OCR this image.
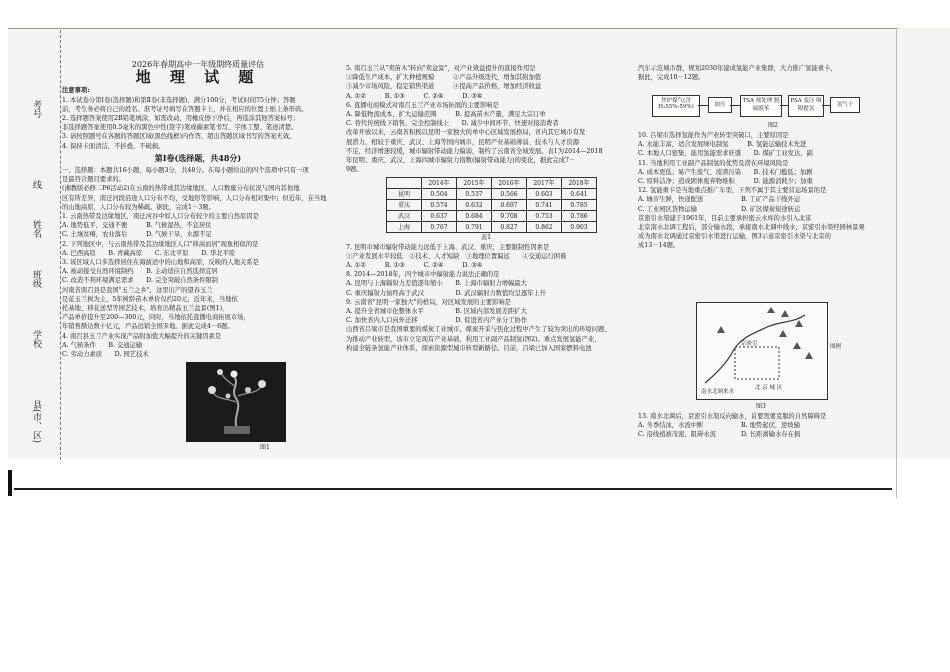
考号
线
姓名
班级
学校
县(市、区)

2026年春期高中一年级期终质量评估

地 理 试 题

注意事项:

1. 本试卷分第Ⅰ卷(选择题)和第Ⅱ卷(非选择题)，满分100分，考试时间75分钟；答题

前，考生务必将自己的姓名、准考证号填写在答题卡上，并在相应的位置上贴上条形码。

2. 选择题答案使用2B铅笔填涂，如需改动，用橡皮擦干净后，再选涂其他答案标号；

非选择题答案使用0.5毫米的黑色中性(签字)笔或碳素笔书写，字体工整、笔迹清楚。

3. 请按照题号在各题的答题区域(黑色线框)内作答，超出答题区域书写的答案无效。

4. 保持卡面清洁，不折叠，不破损。

第Ⅰ卷(选择题，共48分)

一、选择题：本题共16小题，每小题3分，共48分。在每小题给出的四个选项中只有一项

是最符合题目要求的。

(湘教版必修二P6活动2)在云南的热带或其边缘地区，人口数量分布状况与国内其他地

区有所差异，南迁河段沿途人口分布不均，受地形等影响，人口分布相对集中；但近年，在当地

的山地高原，人口分布较为稀疏。据此，完成1－3题。

1. 云南热带及边缘地区，南迁河谷中原人口分布较少的主要自然原因是

A. 地势低平，交通不便　　　B. 气候湿热，不宜居住

C. 土壤贫瘠，农业落后　　　D. 气候干旱，水源不足

2. 下列地区中，与云南热带及其边缘地区人口"移高而居"现象相似的是

A. 巴西高原　　B. 青藏高原　　C. 东北平原　　D. 华北平原

3. 该区域人口多选择居住在海拔适中的山地和高原，反映的人地关系是

A. 被动接受自然环境制约　　B. 主动适应自然选择宜居

C. 改造不利环境满足需求　　D. 完全突破自然条件限制

河南省南召县是我国"玉兰之乡"，这里出产的望春玉兰

是花玉兰树为主，5年树龄苗木单价仅约20元，近年来，当地依

托基地、移花送型等园艺技术，培育出精品玉兰盆景(图1)，

产品单价提升至200—300元，同时，当地依托直播电商拓展市场，

年销售额达数十亿元，产品远销全国多地。据此完成4－6题。

4. 南召县玉兰产业实现产品附加值大幅提升的关键因素是

A. 气候条件　　B. 交通运输

C. 劳动力素质　　D. 园艺技术

图1

5. 南召玉兰从"卖苗木"转向"卖盆景"，对产业效益提升的直接作用是

①降低生产成本，扩大种植规模　　　②产品升级迭代，增加其附加值

③减少市场风险，稳定销售渠道　　　④提高产品价格，增加经济收益

A. ①②　　　B. ①③　　　C. ②④　　　D. ③④

6. 直播电商模式对南召玉兰产业市场拓展的主要影响是

A. 降低物流成本，扩大运输范围　　　B. 提高苗木产量，满足大宗订单

C. 替代传统线下销售，完全控制线上　　D. 减少中间环节，快速对接消费者

改革开放以来，云南省积极以昆明一家独大的单中心区域发展格局，省内其它城市有发

展潜力，相较于重庆、武汉、上海等国内城市，昆明产业基础薄弱、技术与人才资源

不足，经济增速较缓，城市辐射带动能力偏弱，制约了云南省全域发展。表1为2014—2018

年昆明、重庆、武汉、上海四城市辐射力指数(辐射带动能力)的变化，据此完成7－

9题。

	2014年	2015年	2016年	2017年	2018年
昆明	0.504	0.537	0.566	0.603	0.641
重庆	0.574	0.632	0.697	0.741	0.785
武汉	0.637	0.684	0.708	0.753	0.786
上海	0.767	0.791	0.827	0.862	0.903

表1

7. 昆明市城市辐射带动能力远低于上海、武汉、重庆，主要限制性因素是

①产业发展水平较低　②技术、人才短缺　③地理位置偏远　　④交通运行困难

A. ①②　　　B. ①③　　　C. ②④　　　D. ③④

8. 2014—2018年，四个城市中辐射能力说法正确的是

A. 昆明与上海辐射力差值逐年缩小　　B. 上海市辐射力增幅最大

C. 重庆辐射力始终高于武汉　　　　　D. 武汉辐射力数值均呈逐年上升

9. 云南省"昆明一家独大"的格局，对区域发展的主要影响是

A. 提升全省城市化整体水平　　　　　B. 区域内部发展差距扩大

C. 加快省内人口向外迁移　　　　　　D. 促进省内产业分工协作

山西省吕梁市是我国重要的煤炭工业城市，煤炭开采与焦化过程中产生了较为突出的环境问题，

为推动产业转型，该市立足现有产业基础，利用工业副产品制氢(图2)。重点发展氢能产业，

构建全链条氢能产业体系，探索资源型城市转型新路径。目前，吕梁已加入国家燃料电池

汽车示范城市群，规划2030年建成氢能产业集群，大力推广氢能重卡，

据此，完成10－12题。

焦炉煤气(含 H₂55%-59%)	加压
TSA 预处理 脱硫脱苯
PSA 变压 吸附提氢
氢气干
图2

10. 吕梁市选择氢能作为产业转型突破口，主要原因是

A. 水能丰富，适合发展绿电制氢　　　B. 氢能运输技术先进

C. 本地人口密集，能用氢能需求旺盛　　D. 煤矿工业发达，副

11. 当地利用工业副产品制氢的优势及潜在环境风险是

A. 成本更低；易产生废气、废渣污染　　B. 技术门槛低；加剧

C. 原料洁净；造成固体废弃物堆积　　　D. 能源消耗少；加重

12. 氢能重卡是当地重点推广车型，下列不属于其主要营运场景的是

A. 城市生鲜，快递配送　　　　　　B. 工矿产品干线外运

C. 工业园区货物运输　　　　　　　D. 矿区煤炭短途转运

京密引水渠建于1961年，目前主要承担密云水库的水引入北京

北京南水北调工程后，部分输水段，承接南水北调中线水，京密引水渠经园林景观

成为南水北调通过京密引水渠进行运输，图3示意京密引水渠与北京的

成13－14题。

京密引
南水北调来水
北 京 城 区
图例
图3

13. 南水北调后，京密引水渠反向输水，首要需要克服的自然障碍是

A. 冬季结冰，水流中断　　　　　　B. 地势起伏，逆坡输

C. 沿线植被茂密，阻碍水流　　　　D. 长距离输水存在损
